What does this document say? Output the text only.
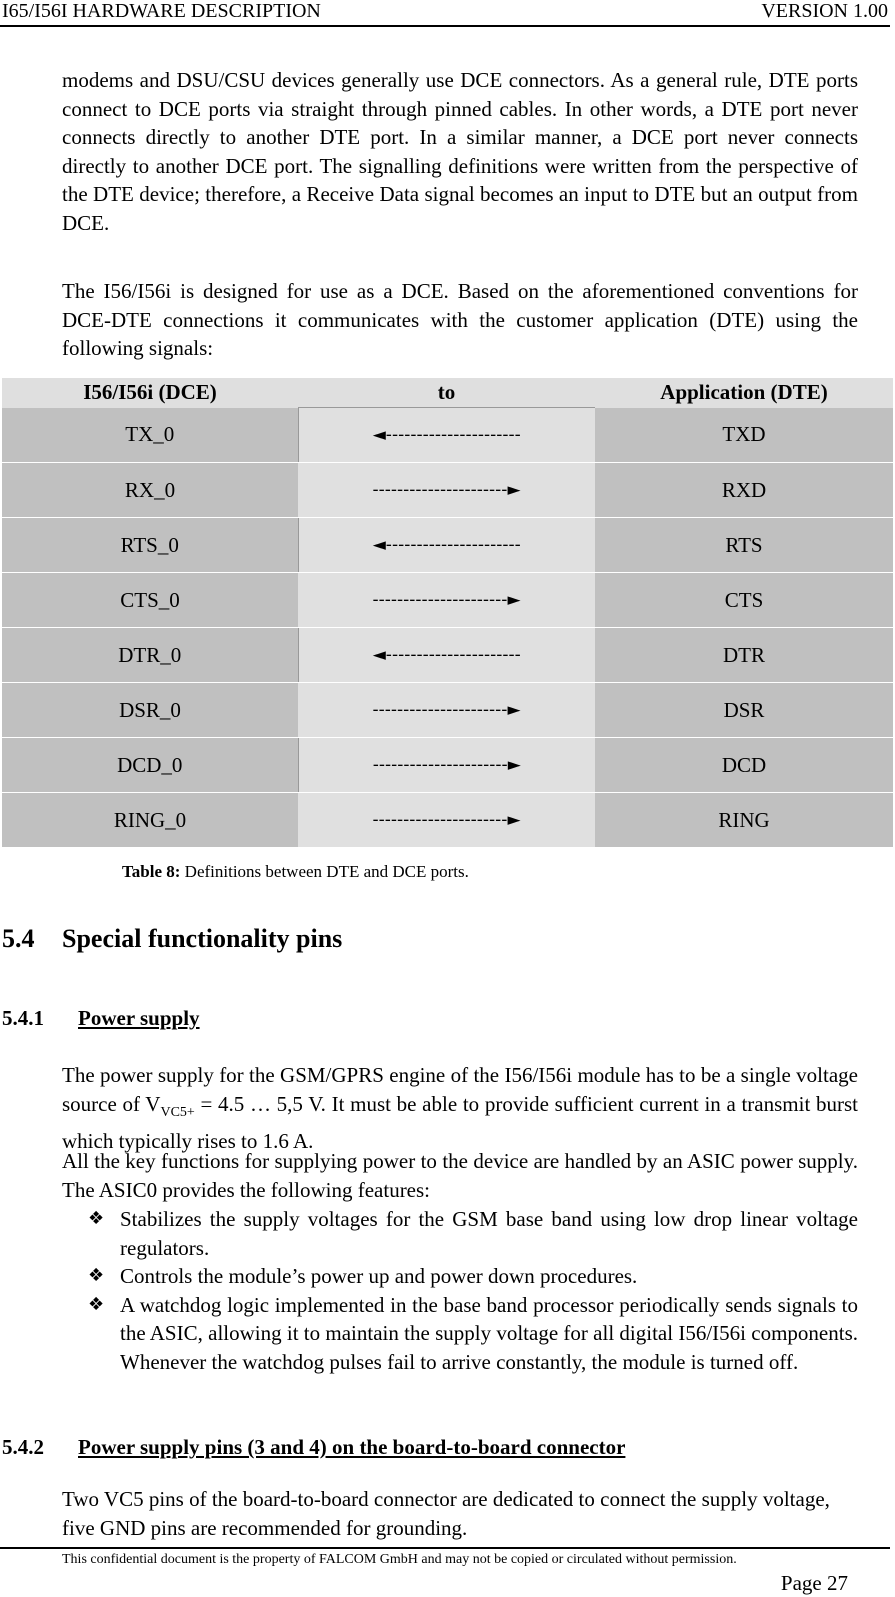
I65/I56I HARDWARE DESCRIPTION	VERSION 1.00
modems and DSU/CSU devices generally use DCE connectors. As a general rule, DTE ports connect to DCE ports via straight through pinned cables. In other words, a DTE port never connects directly to another DTE port. In a similar manner, a DCE port never connects directly to another DCE port. The signalling definitions were written from the perspective of the DTE device; therefore, a Receive Data signal becomes an input to DTE but an output from DCE.
The I56/I56i is designed for use as a DCE. Based on the aforementioned conventions for DCE-DTE connections it communicates with the customer application (DTE) using the following signals:
I56/I56i (DCE)	to	Application (DTE)
TX_0	◄----------------------	TXD
RX_0	----------------------►	RXD
RTS_0	◄----------------------	RTS
CTS_0	----------------------►	CTS
DTR_0	◄----------------------	DTR
DSR_0	----------------------►	DSR
DCD_0	----------------------►	DCD
RING_0	----------------------►	RING
Table 8: Definitions between DTE and DCE ports.
5.4 Special functionality pins
5.4.1 Power supply
The power supply for the GSM/GPRS engine of the I56/I56i module has to be a single voltage source of $V_{VC5+} = 4.5$ … 5,5 V. It must be able to provide sufficient current in a transmit burst which typically rises to 1.6 A.
All the key functions for supplying power to the device are handled by an ASIC power supply. The ASIC0 provides the following features:
❖ Stabilizes the supply voltages for the GSM base band using low drop linear voltage regulators.
❖ Controls the module’s power up and power down procedures.
❖ A watchdog logic implemented in the base band processor periodically sends signals to the ASIC, allowing it to maintain the supply voltage for all digital I56/I56i components. Whenever the watchdog pulses fail to arrive constantly, the module is turned off.
5.4.2 Power supply pins (3 and 4) on the board-to-board connector
Two VC5 pins of the board-to-board connector are dedicated to connect the supply voltage, five GND pins are recommended for grounding.
This confidential document is the property of FALCOM GmbH and may not be copied or circulated without permission.
Page 27
